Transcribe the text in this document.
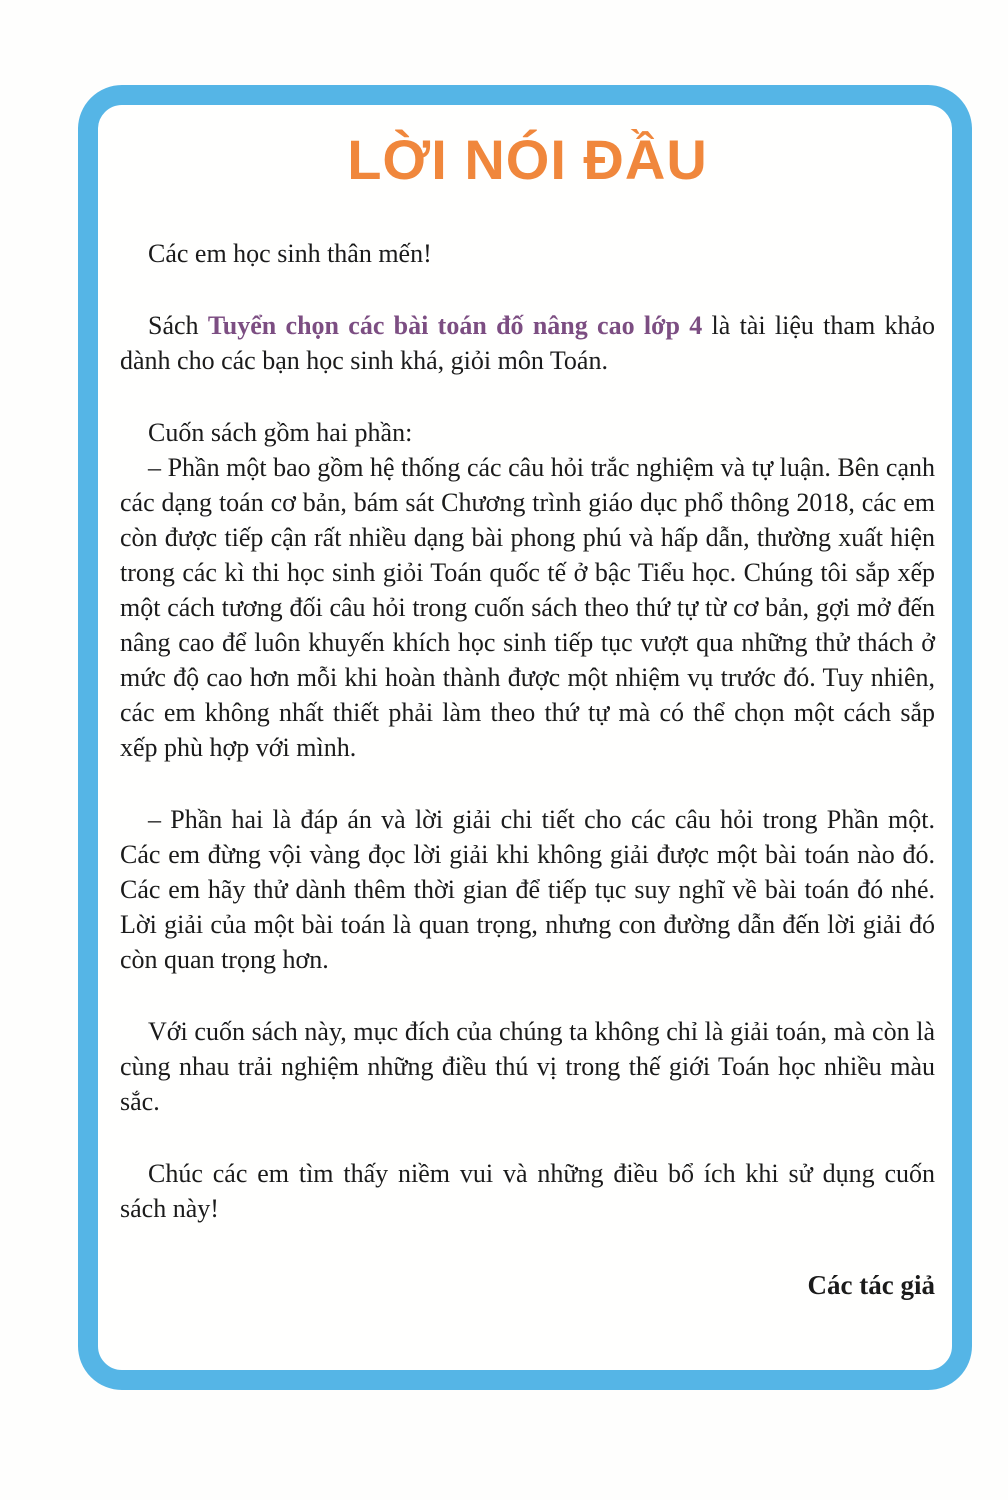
LỜI NÓI ĐẦU

Các em học sinh thân mến!

Sách Tuyển chọn các bài toán đố nâng cao lớp 4 là tài liệu tham khảo dành cho các bạn học sinh khá, giỏi môn Toán.

Cuốn sách gồm hai phần:

– Phần một bao gồm hệ thống các câu hỏi trắc nghiệm và tự luận. Bên cạnh các dạng toán cơ bản, bám sát Chương trình giáo dục phổ thông 2018, các em còn được tiếp cận rất nhiều dạng bài phong phú và hấp dẫn, thường xuất hiện trong các kì thi học sinh giỏi Toán quốc tế ở bậc Tiểu học. Chúng tôi sắp xếp một cách tương đối câu hỏi trong cuốn sách theo thứ tự từ cơ bản, gợi mở đến nâng cao để luôn khuyến khích học sinh tiếp tục vượt qua những thử thách ở mức độ cao hơn mỗi khi hoàn thành được một nhiệm vụ trước đó. Tuy nhiên, các em không nhất thiết phải làm theo thứ tự mà có thể chọn một cách sắp xếp phù hợp với mình.

– Phần hai là đáp án và lời giải chi tiết cho các câu hỏi trong Phần một. Các em đừng vội vàng đọc lời giải khi không giải được một bài toán nào đó. Các em hãy thử dành thêm thời gian để tiếp tục suy nghĩ về bài toán đó nhé. Lời giải của một bài toán là quan trọng, nhưng con đường dẫn đến lời giải đó còn quan trọng hơn.

Với cuốn sách này, mục đích của chúng ta không chỉ là giải toán, mà còn là cùng nhau trải nghiệm những điều thú vị trong thế giới Toán học nhiều màu sắc.

Chúc các em tìm thấy niềm vui và những điều bổ ích khi sử dụng cuốn sách này!

Các tác giả
